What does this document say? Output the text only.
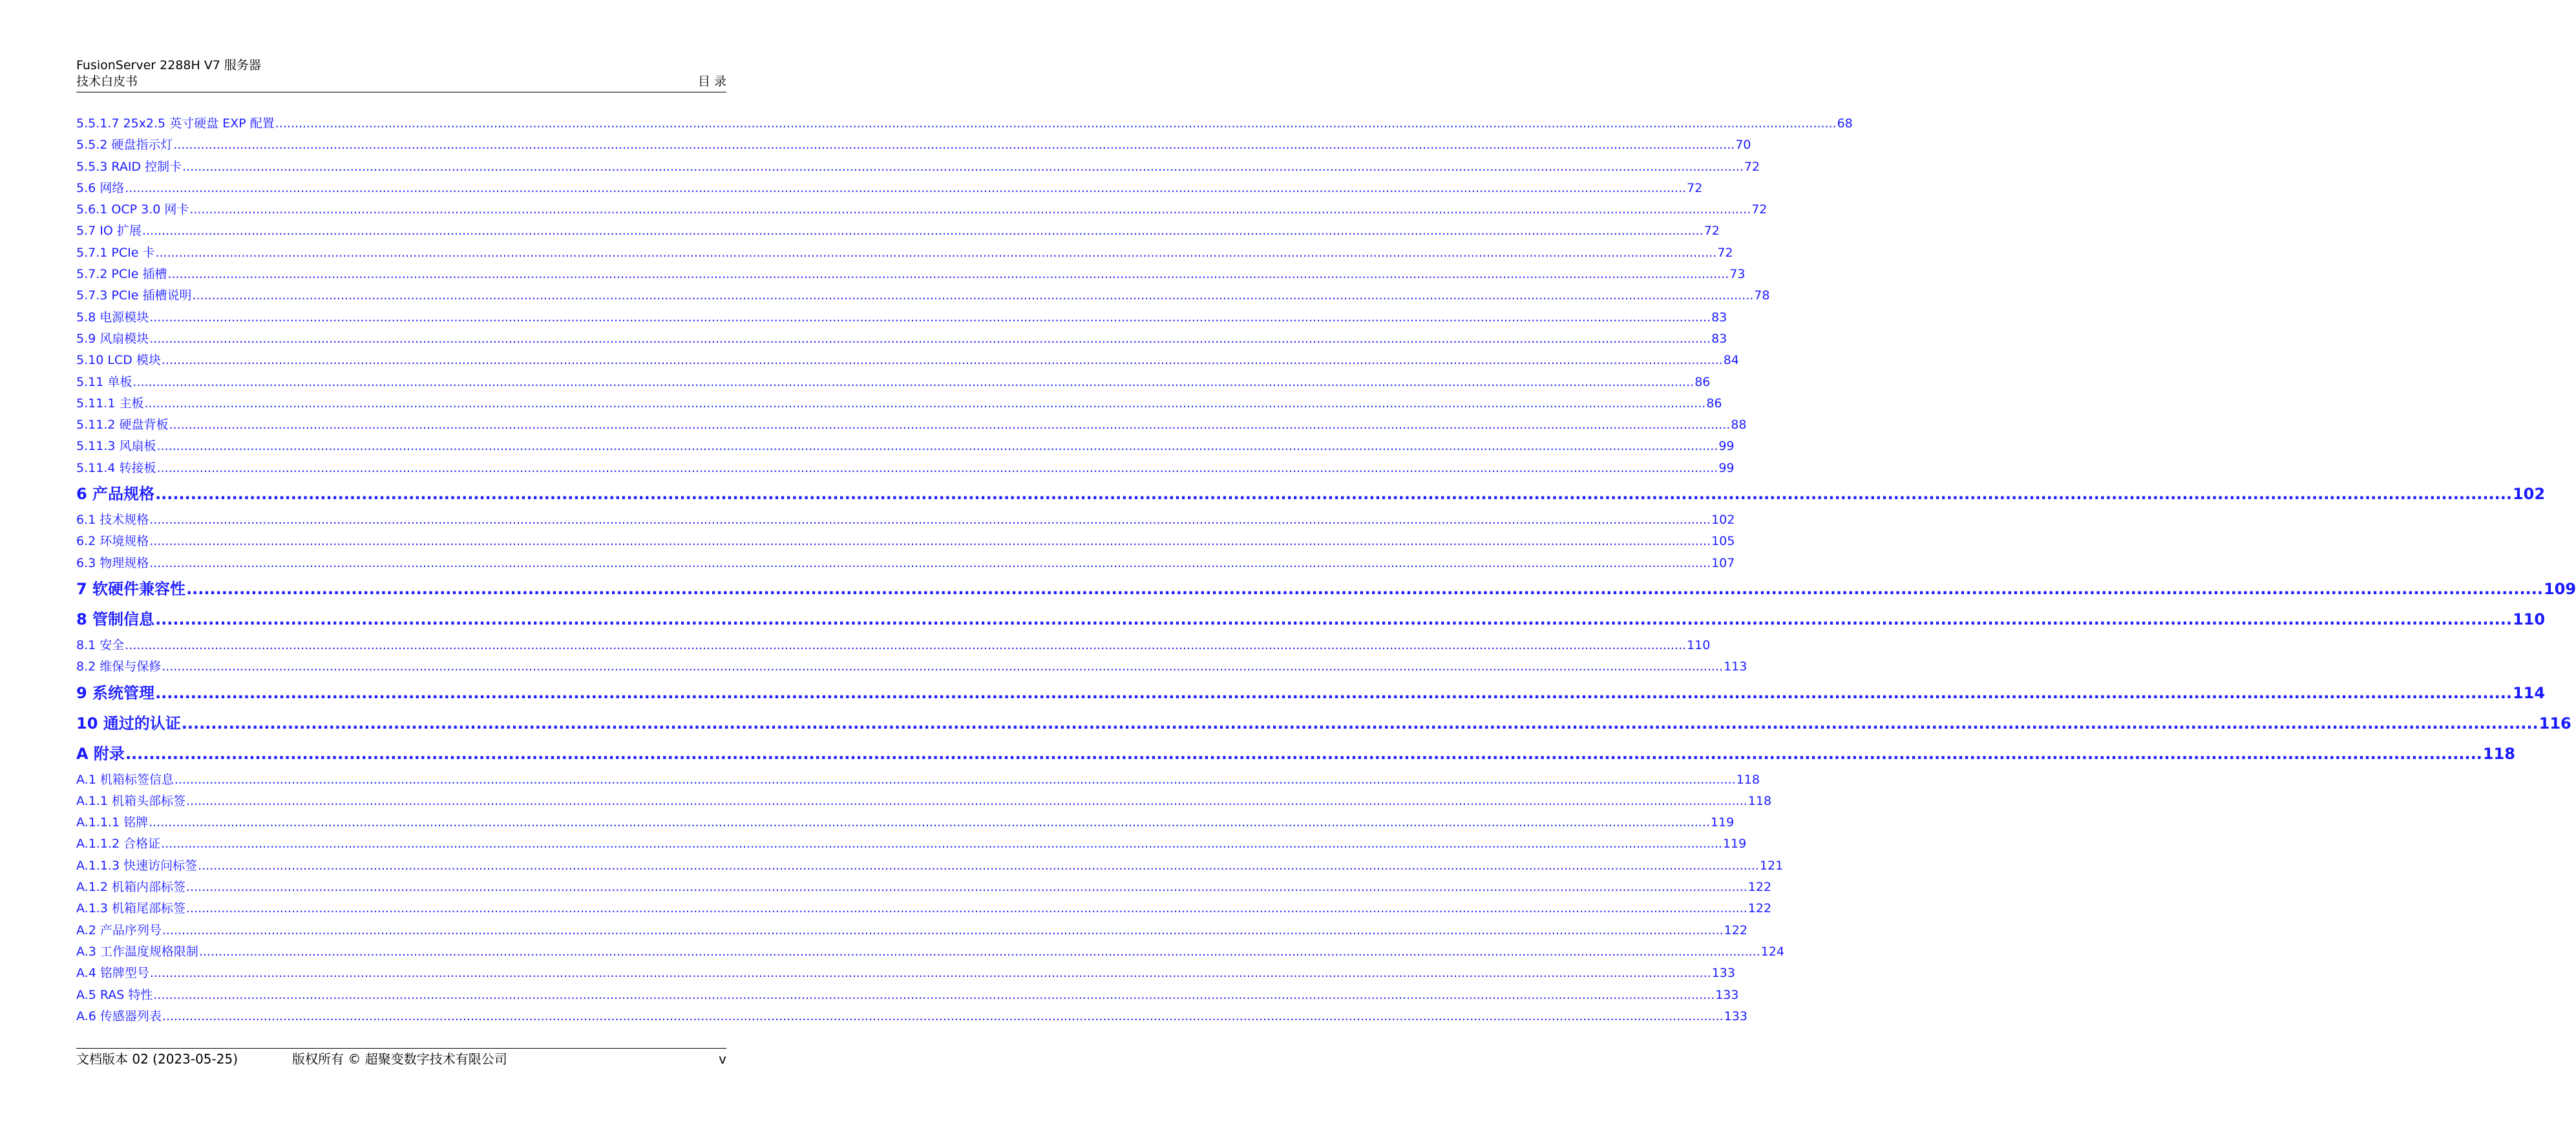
FusionServer 2288H V7 服务器
技术白皮书	目 录
5.5.1.7 25x2.5 英寸硬盘 EXP 配置 ................................................................................................................................................................................................................................................................................................................................................................................................................ 68
5.5.2 硬盘指示灯 ................................................................................................................................................................................................................................................................................................................................................................................................................ 70
5.5.3 RAID 控制卡 ................................................................................................................................................................................................................................................................................................................................................................................................................ 72
5.6 网络 ................................................................................................................................................................................................................................................................................................................................................................................................................ 72
5.6.1 OCP 3.0 网卡 ................................................................................................................................................................................................................................................................................................................................................................................................................ 72
5.7 IO 扩展 ................................................................................................................................................................................................................................................................................................................................................................................................................ 72
5.7.1 PCIe 卡 ................................................................................................................................................................................................................................................................................................................................................................................................................ 72
5.7.2 PCIe 插槽 ................................................................................................................................................................................................................................................................................................................................................................................................................ 73
5.7.3 PCIe 插槽说明 ................................................................................................................................................................................................................................................................................................................................................................................................................ 78
5.8 电源模块 ................................................................................................................................................................................................................................................................................................................................................................................................................ 83
5.9 风扇模块 ................................................................................................................................................................................................................................................................................................................................................................................................................ 83
5.10 LCD 模块 ................................................................................................................................................................................................................................................................................................................................................................................................................ 84
5.11 单板 ................................................................................................................................................................................................................................................................................................................................................................................................................ 86
5.11.1 主板 ................................................................................................................................................................................................................................................................................................................................................................................................................ 86
5.11.2 硬盘背板 ................................................................................................................................................................................................................................................................................................................................................................................................................ 88
5.11.3 风扇板 ................................................................................................................................................................................................................................................................................................................................................................................................................ 99
5.11.4 转接板 ................................................................................................................................................................................................................................................................................................................................................................................................................ 99
6 产品规格 ................................................................................................................................................................................................................................................................................................................................................................................................................ 102
6.1 技术规格 ................................................................................................................................................................................................................................................................................................................................................................................................................ 102
6.2 环境规格 ................................................................................................................................................................................................................................................................................................................................................................................................................ 105
6.3 物理规格 ................................................................................................................................................................................................................................................................................................................................................................................................................ 107
7 软硬件兼容性 ................................................................................................................................................................................................................................................................................................................................................................................................................ 109
8 管制信息 ................................................................................................................................................................................................................................................................................................................................................................................................................ 110
8.1 安全 ................................................................................................................................................................................................................................................................................................................................................................................................................ 110
8.2 维保与保修 ................................................................................................................................................................................................................................................................................................................................................................................................................ 113
9 系统管理 ................................................................................................................................................................................................................................................................................................................................................................................................................ 114
10 通过的认证 ................................................................................................................................................................................................................................................................................................................................................................................................................ 116
A 附录 ................................................................................................................................................................................................................................................................................................................................................................................................................ 118
A.1 机箱标签信息 ................................................................................................................................................................................................................................................................................................................................................................................................................ 118
A.1.1 机箱头部标签 ................................................................................................................................................................................................................................................................................................................................................................................................................ 118
A.1.1.1 铭牌 ................................................................................................................................................................................................................................................................................................................................................................................................................ 119
A.1.1.2 合格证 ................................................................................................................................................................................................................................................................................................................................................................................................................ 119
A.1.1.3 快速访问标签 ................................................................................................................................................................................................................................................................................................................................................................................................................ 121
A.1.2 机箱内部标签 ................................................................................................................................................................................................................................................................................................................................................................................................................ 122
A.1.3 机箱尾部标签 ................................................................................................................................................................................................................................................................................................................................................................................................................ 122
A.2 产品序列号 ................................................................................................................................................................................................................................................................................................................................................................................................................ 122
A.3 工作温度规格限制 ................................................................................................................................................................................................................................................................................................................................................................................................................ 124
A.4 铭牌型号 ................................................................................................................................................................................................................................................................................................................................................................................................................ 133
A.5 RAS 特性 ................................................................................................................................................................................................................................................................................................................................................................................................................ 133
A.6 传感器列表 ................................................................................................................................................................................................................................................................................................................................................................................................................ 133
文档版本 02 (2023-05-25)	版权所有 © 超聚变数字技术有限公司	v
